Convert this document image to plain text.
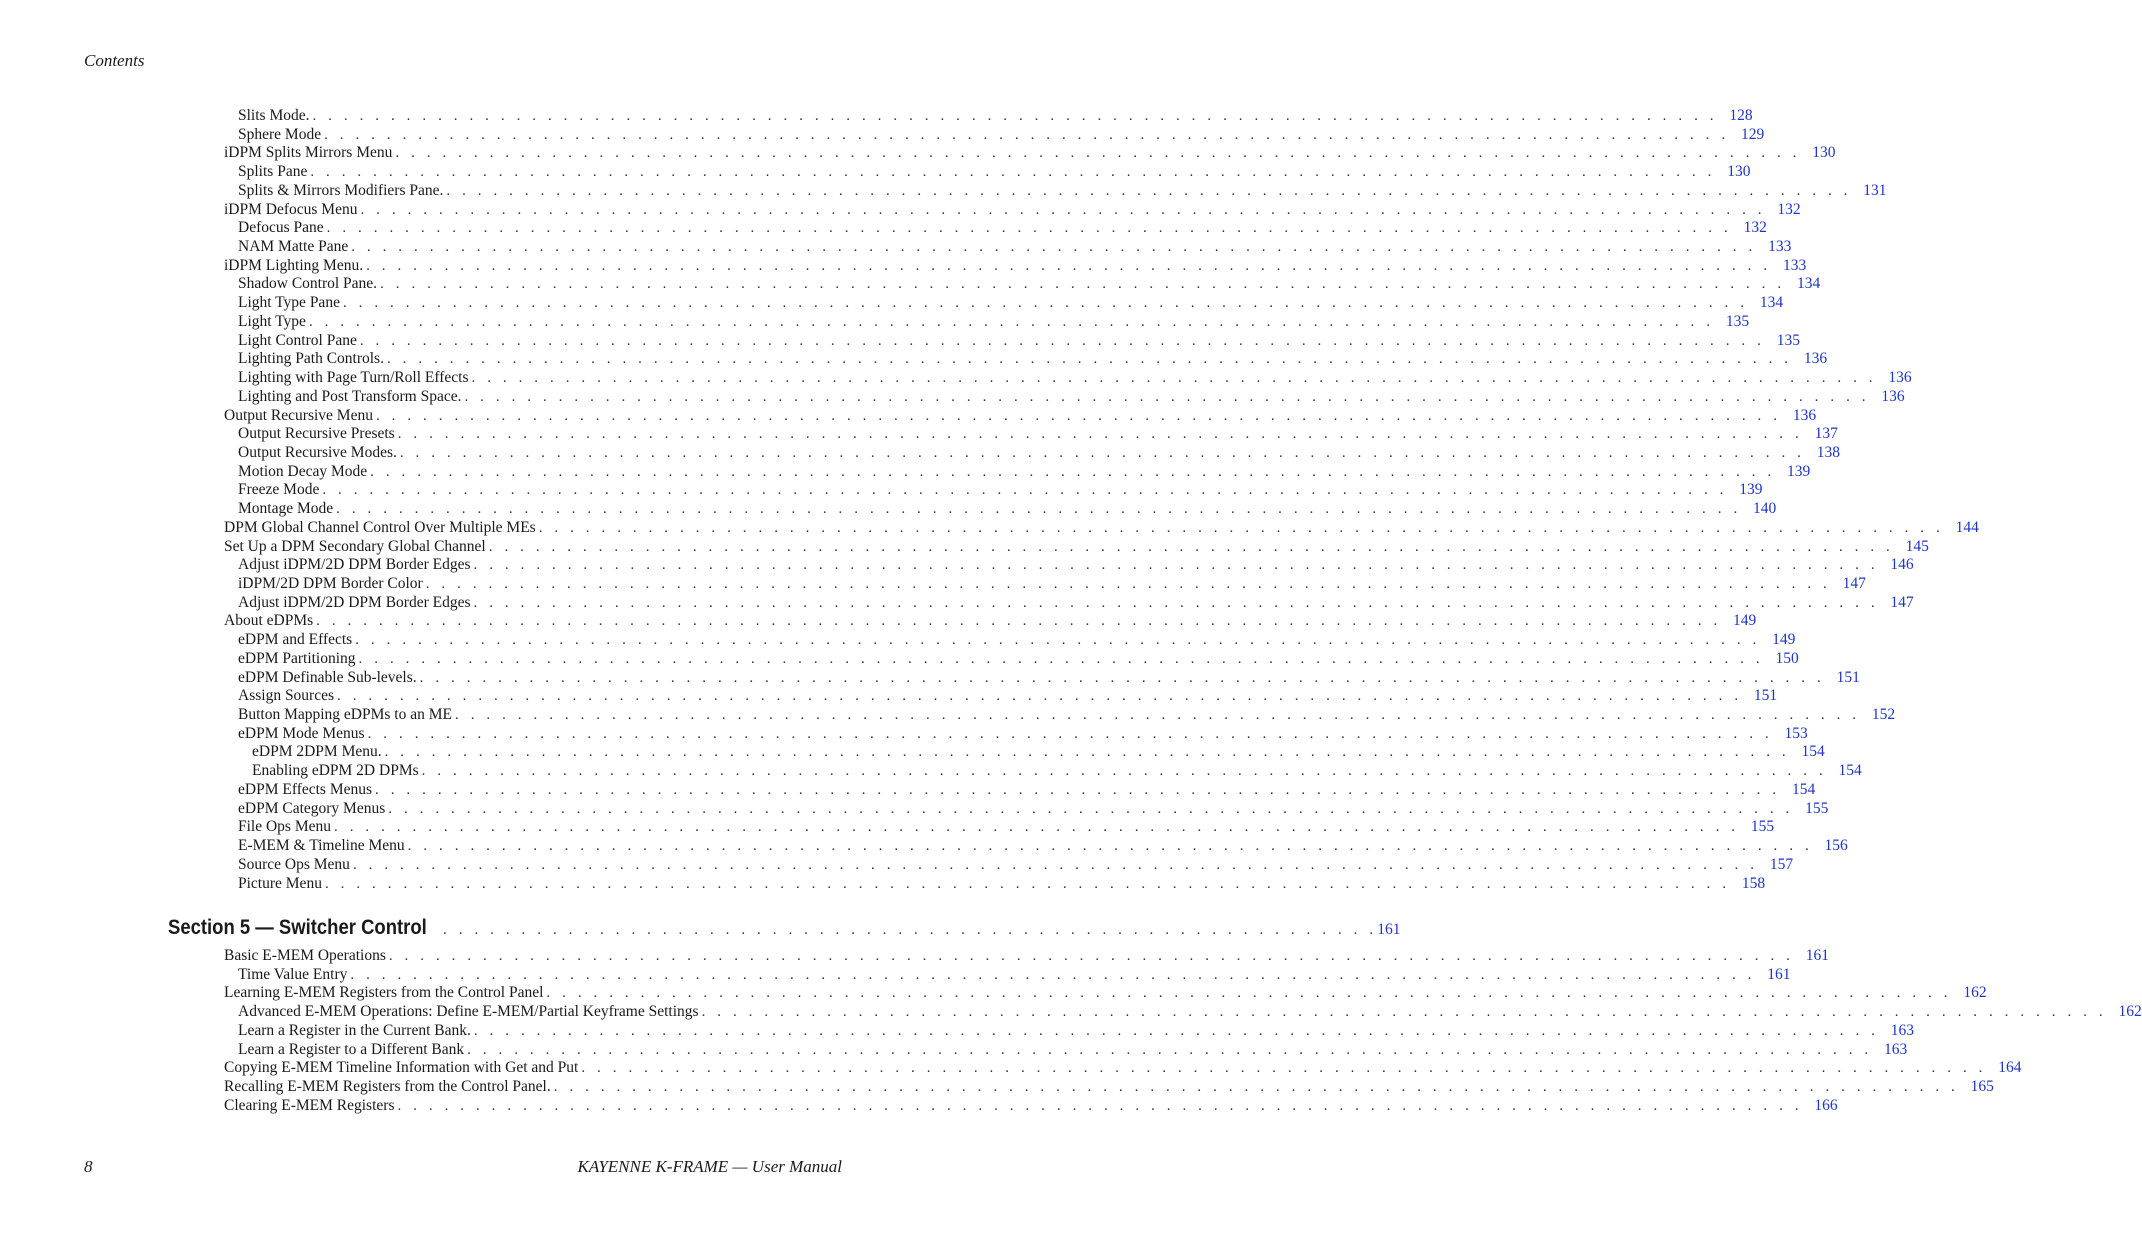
Contents
Slits Mode. . . . . . . . . . . . . . . . . . . . . . . . . . . . . . . . . . . . . . . . . . . . . . . . . . . . . . . . . . . . . . . . . . . . . . . . . . . . . . . . . . . . . . . . . . . 128
Sphere Mode . . . . . . . . . . . . . . . . . . . . . . . . . . . . . . . . . . . . . . . . . . . . . . . . . . . . . . . . . . . . . . . . . . . . . . . . . . . . . . . . . . . . . . . . . . 129
iDPM Splits Mirrors Menu . . . . . . . . . . . . . . . . . . . . . . . . . . . . . . . . . . . . . . . . . . . . . . . . . . . . . . . . . . . . . . . . . . . . . . . . . . . . . . . . . . . . . . . . . . 130
Splits Pane . . . . . . . . . . . . . . . . . . . . . . . . . . . . . . . . . . . . . . . . . . . . . . . . . . . . . . . . . . . . . . . . . . . . . . . . . . . . . . . . . . . . . . . . . . 130
Splits & Mirrors Modifiers Pane. . . . . . . . . . . . . . . . . . . . . . . . . . . . . . . . . . . . . . . . . . . . . . . . . . . . . . . . . . . . . . . . . . . . . . . . . . . . . . . . . . . . . . . . . . . 131
iDPM Defocus Menu . . . . . . . . . . . . . . . . . . . . . . . . . . . . . . . . . . . . . . . . . . . . . . . . . . . . . . . . . . . . . . . . . . . . . . . . . . . . . . . . . . . . . . . . . . 132
Defocus Pane . . . . . . . . . . . . . . . . . . . . . . . . . . . . . . . . . . . . . . . . . . . . . . . . . . . . . . . . . . . . . . . . . . . . . . . . . . . . . . . . . . . . . . . . . . 132
NAM Matte Pane . . . . . . . . . . . . . . . . . . . . . . . . . . . . . . . . . . . . . . . . . . . . . . . . . . . . . . . . . . . . . . . . . . . . . . . . . . . . . . . . . . . . . . . . . . 133
iDPM Lighting Menu. . . . . . . . . . . . . . . . . . . . . . . . . . . . . . . . . . . . . . . . . . . . . . . . . . . . . . . . . . . . . . . . . . . . . . . . . . . . . . . . . . . . . . . . . . . 133
Shadow Control Pane. . . . . . . . . . . . . . . . . . . . . . . . . . . . . . . . . . . . . . . . . . . . . . . . . . . . . . . . . . . . . . . . . . . . . . . . . . . . . . . . . . . . . . . . . . . 134
Light Type Pane . . . . . . . . . . . . . . . . . . . . . . . . . . . . . . . . . . . . . . . . . . . . . . . . . . . . . . . . . . . . . . . . . . . . . . . . . . . . . . . . . . . . . . . . . . 134
Light Type . . . . . . . . . . . . . . . . . . . . . . . . . . . . . . . . . . . . . . . . . . . . . . . . . . . . . . . . . . . . . . . . . . . . . . . . . . . . . . . . . . . . . . . . . . 135
Light Control Pane . . . . . . . . . . . . . . . . . . . . . . . . . . . . . . . . . . . . . . . . . . . . . . . . . . . . . . . . . . . . . . . . . . . . . . . . . . . . . . . . . . . . . . . . . . 135
Lighting Path Controls. . . . . . . . . . . . . . . . . . . . . . . . . . . . . . . . . . . . . . . . . . . . . . . . . . . . . . . . . . . . . . . . . . . . . . . . . . . . . . . . . . . . . . . . . . . 136
Lighting with Page Turn/Roll Effects . . . . . . . . . . . . . . . . . . . . . . . . . . . . . . . . . . . . . . . . . . . . . . . . . . . . . . . . . . . . . . . . . . . . . . . . . . . . . . . . . . . . . . . . . . 136
Lighting and Post Transform Space. . . . . . . . . . . . . . . . . . . . . . . . . . . . . . . . . . . . . . . . . . . . . . . . . . . . . . . . . . . . . . . . . . . . . . . . . . . . . . . . . . . . . . . . . . . 136
Output Recursive Menu . . . . . . . . . . . . . . . . . . . . . . . . . . . . . . . . . . . . . . . . . . . . . . . . . . . . . . . . . . . . . . . . . . . . . . . . . . . . . . . . . . . . . . . . . . 136
Output Recursive Presets . . . . . . . . . . . . . . . . . . . . . . . . . . . . . . . . . . . . . . . . . . . . . . . . . . . . . . . . . . . . . . . . . . . . . . . . . . . . . . . . . . . . . . . . . . 137
Output Recursive Modes. . . . . . . . . . . . . . . . . . . . . . . . . . . . . . . . . . . . . . . . . . . . . . . . . . . . . . . . . . . . . . . . . . . . . . . . . . . . . . . . . . . . . . . . . . . 138
Motion Decay Mode . . . . . . . . . . . . . . . . . . . . . . . . . . . . . . . . . . . . . . . . . . . . . . . . . . . . . . . . . . . . . . . . . . . . . . . . . . . . . . . . . . . . . . . . . . 139
Freeze Mode . . . . . . . . . . . . . . . . . . . . . . . . . . . . . . . . . . . . . . . . . . . . . . . . . . . . . . . . . . . . . . . . . . . . . . . . . . . . . . . . . . . . . . . . . . 139
Montage Mode . . . . . . . . . . . . . . . . . . . . . . . . . . . . . . . . . . . . . . . . . . . . . . . . . . . . . . . . . . . . . . . . . . . . . . . . . . . . . . . . . . . . . . . . . . 140
DPM Global Channel Control Over Multiple MEs . . . . . . . . . . . . . . . . . . . . . . . . . . . . . . . . . . . . . . . . . . . . . . . . . . . . . . . . . . . . . . . . . . . . . . . . . . . . . . . . . . . . . . . . . . 144
Set Up a DPM Secondary Global Channel . . . . . . . . . . . . . . . . . . . . . . . . . . . . . . . . . . . . . . . . . . . . . . . . . . . . . . . . . . . . . . . . . . . . . . . . . . . . . . . . . . . . . . . . . . 145
Adjust iDPM/2D DPM Border Edges . . . . . . . . . . . . . . . . . . . . . . . . . . . . . . . . . . . . . . . . . . . . . . . . . . . . . . . . . . . . . . . . . . . . . . . . . . . . . . . . . . . . . . . . . . 146
iDPM/2D DPM Border Color . . . . . . . . . . . . . . . . . . . . . . . . . . . . . . . . . . . . . . . . . . . . . . . . . . . . . . . . . . . . . . . . . . . . . . . . . . . . . . . . . . . . . . . . . . 147
Adjust iDPM/2D DPM Border Edges . . . . . . . . . . . . . . . . . . . . . . . . . . . . . . . . . . . . . . . . . . . . . . . . . . . . . . . . . . . . . . . . . . . . . . . . . . . . . . . . . . . . . . . . . . 147
About eDPMs . . . . . . . . . . . . . . . . . . . . . . . . . . . . . . . . . . . . . . . . . . . . . . . . . . . . . . . . . . . . . . . . . . . . . . . . . . . . . . . . . . . . . . . . . . 149
eDPM and Effects . . . . . . . . . . . . . . . . . . . . . . . . . . . . . . . . . . . . . . . . . . . . . . . . . . . . . . . . . . . . . . . . . . . . . . . . . . . . . . . . . . . . . . . . . . 149
eDPM Partitioning . . . . . . . . . . . . . . . . . . . . . . . . . . . . . . . . . . . . . . . . . . . . . . . . . . . . . . . . . . . . . . . . . . . . . . . . . . . . . . . . . . . . . . . . . . 150
eDPM Definable Sub-levels. . . . . . . . . . . . . . . . . . . . . . . . . . . . . . . . . . . . . . . . . . . . . . . . . . . . . . . . . . . . . . . . . . . . . . . . . . . . . . . . . . . . . . . . . . . 151
Assign Sources . . . . . . . . . . . . . . . . . . . . . . . . . . . . . . . . . . . . . . . . . . . . . . . . . . . . . . . . . . . . . . . . . . . . . . . . . . . . . . . . . . . . . . . . . . 151
Button Mapping eDPMs to an ME . . . . . . . . . . . . . . . . . . . . . . . . . . . . . . . . . . . . . . . . . . . . . . . . . . . . . . . . . . . . . . . . . . . . . . . . . . . . . . . . . . . . . . . . . . 152
eDPM Mode Menus . . . . . . . . . . . . . . . . . . . . . . . . . . . . . . . . . . . . . . . . . . . . . . . . . . . . . . . . . . . . . . . . . . . . . . . . . . . . . . . . . . . . . . . . . . 153
eDPM 2DPM Menu. . . . . . . . . . . . . . . . . . . . . . . . . . . . . . . . . . . . . . . . . . . . . . . . . . . . . . . . . . . . . . . . . . . . . . . . . . . . . . . . . . . . . . . . . . . 154
Enabling eDPM 2D DPMs . . . . . . . . . . . . . . . . . . . . . . . . . . . . . . . . . . . . . . . . . . . . . . . . . . . . . . . . . . . . . . . . . . . . . . . . . . . . . . . . . . . . . . . . . . 154
eDPM Effects Menus . . . . . . . . . . . . . . . . . . . . . . . . . . . . . . . . . . . . . . . . . . . . . . . . . . . . . . . . . . . . . . . . . . . . . . . . . . . . . . . . . . . . . . . . . . 154
eDPM Category Menus . . . . . . . . . . . . . . . . . . . . . . . . . . . . . . . . . . . . . . . . . . . . . . . . . . . . . . . . . . . . . . . . . . . . . . . . . . . . . . . . . . . . . . . . . . 155
File Ops Menu . . . . . . . . . . . . . . . . . . . . . . . . . . . . . . . . . . . . . . . . . . . . . . . . . . . . . . . . . . . . . . . . . . . . . . . . . . . . . . . . . . . . . . . . . . 155
E-MEM & Timeline Menu . . . . . . . . . . . . . . . . . . . . . . . . . . . . . . . . . . . . . . . . . . . . . . . . . . . . . . . . . . . . . . . . . . . . . . . . . . . . . . . . . . . . . . . . . . 156
Source Ops Menu . . . . . . . . . . . . . . . . . . . . . . . . . . . . . . . . . . . . . . . . . . . . . . . . . . . . . . . . . . . . . . . . . . . . . . . . . . . . . . . . . . . . . . . . . . 157
Picture Menu . . . . . . . . . . . . . . . . . . . . . . . . . . . . . . . . . . . . . . . . . . . . . . . . . . . . . . . . . . . . . . . . . . . . . . . . . . . . . . . . . . . . . . . . . . 158
Basic E-MEM Operations . . . . . . . . . . . . . . . . . . . . . . . . . . . . . . . . . . . . . . . . . . . . . . . . . . . . . . . . . . . . . . . . . . . . . . . . . . . . . . . . . . . . . . . . . . 161
Time Value Entry . . . . . . . . . . . . . . . . . . . . . . . . . . . . . . . . . . . . . . . . . . . . . . . . . . . . . . . . . . . . . . . . . . . . . . . . . . . . . . . . . . . . . . . . . . 161
Learning E-MEM Registers from the Control Panel . . . . . . . . . . . . . . . . . . . . . . . . . . . . . . . . . . . . . . . . . . . . . . . . . . . . . . . . . . . . . . . . . . . . . . . . . . . . . . . . . . . . . . . . . . 162
Advanced E-MEM Operations: Define E-MEM/Partial Keyframe Settings . . . . . . . . . . . . . . . . . . . . . . . . . . . . . . . . . . . . . . . . . . . . . . . . . . . . . . . . . . . . . . . . . . . . . . . . . . . . . . . . . . . . . . . . . . 162
Learn a Register in the Current Bank. . . . . . . . . . . . . . . . . . . . . . . . . . . . . . . . . . . . . . . . . . . . . . . . . . . . . . . . . . . . . . . . . . . . . . . . . . . . . . . . . . . . . . . . . . . 163
Learn a Register to a Different Bank . . . . . . . . . . . . . . . . . . . . . . . . . . . . . . . . . . . . . . . . . . . . . . . . . . . . . . . . . . . . . . . . . . . . . . . . . . . . . . . . . . . . . . . . . . 163
Copying E-MEM Timeline Information with Get and Put . . . . . . . . . . . . . . . . . . . . . . . . . . . . . . . . . . . . . . . . . . . . . . . . . . . . . . . . . . . . . . . . . . . . . . . . . . . . . . . . . . . . . . . . . . 164
Recalling E-MEM Registers from the Control Panel. . . . . . . . . . . . . . . . . . . . . . . . . . . . . . . . . . . . . . . . . . . . . . . . . . . . . . . . . . . . . . . . . . . . . . . . . . . . . . . . . . . . . . . . . . . 165
Clearing E-MEM Registers . . . . . . . . . . . . . . . . . . . . . . . . . . . . . . . . . . . . . . . . . . . . . . . . . . . . . . . . . . . . . . . . . . . . . . . . . . . . . . . . . . . . . . . . . . 166
Section 5 — Switcher Control . . . . . . . . . . . . . . . . . . . . . . . . . . . . . . . . . . . . . . . . . . . . . . . . . . . . . . . . . . . . 161
8	KAYENNE K-FRAME — User Manual
